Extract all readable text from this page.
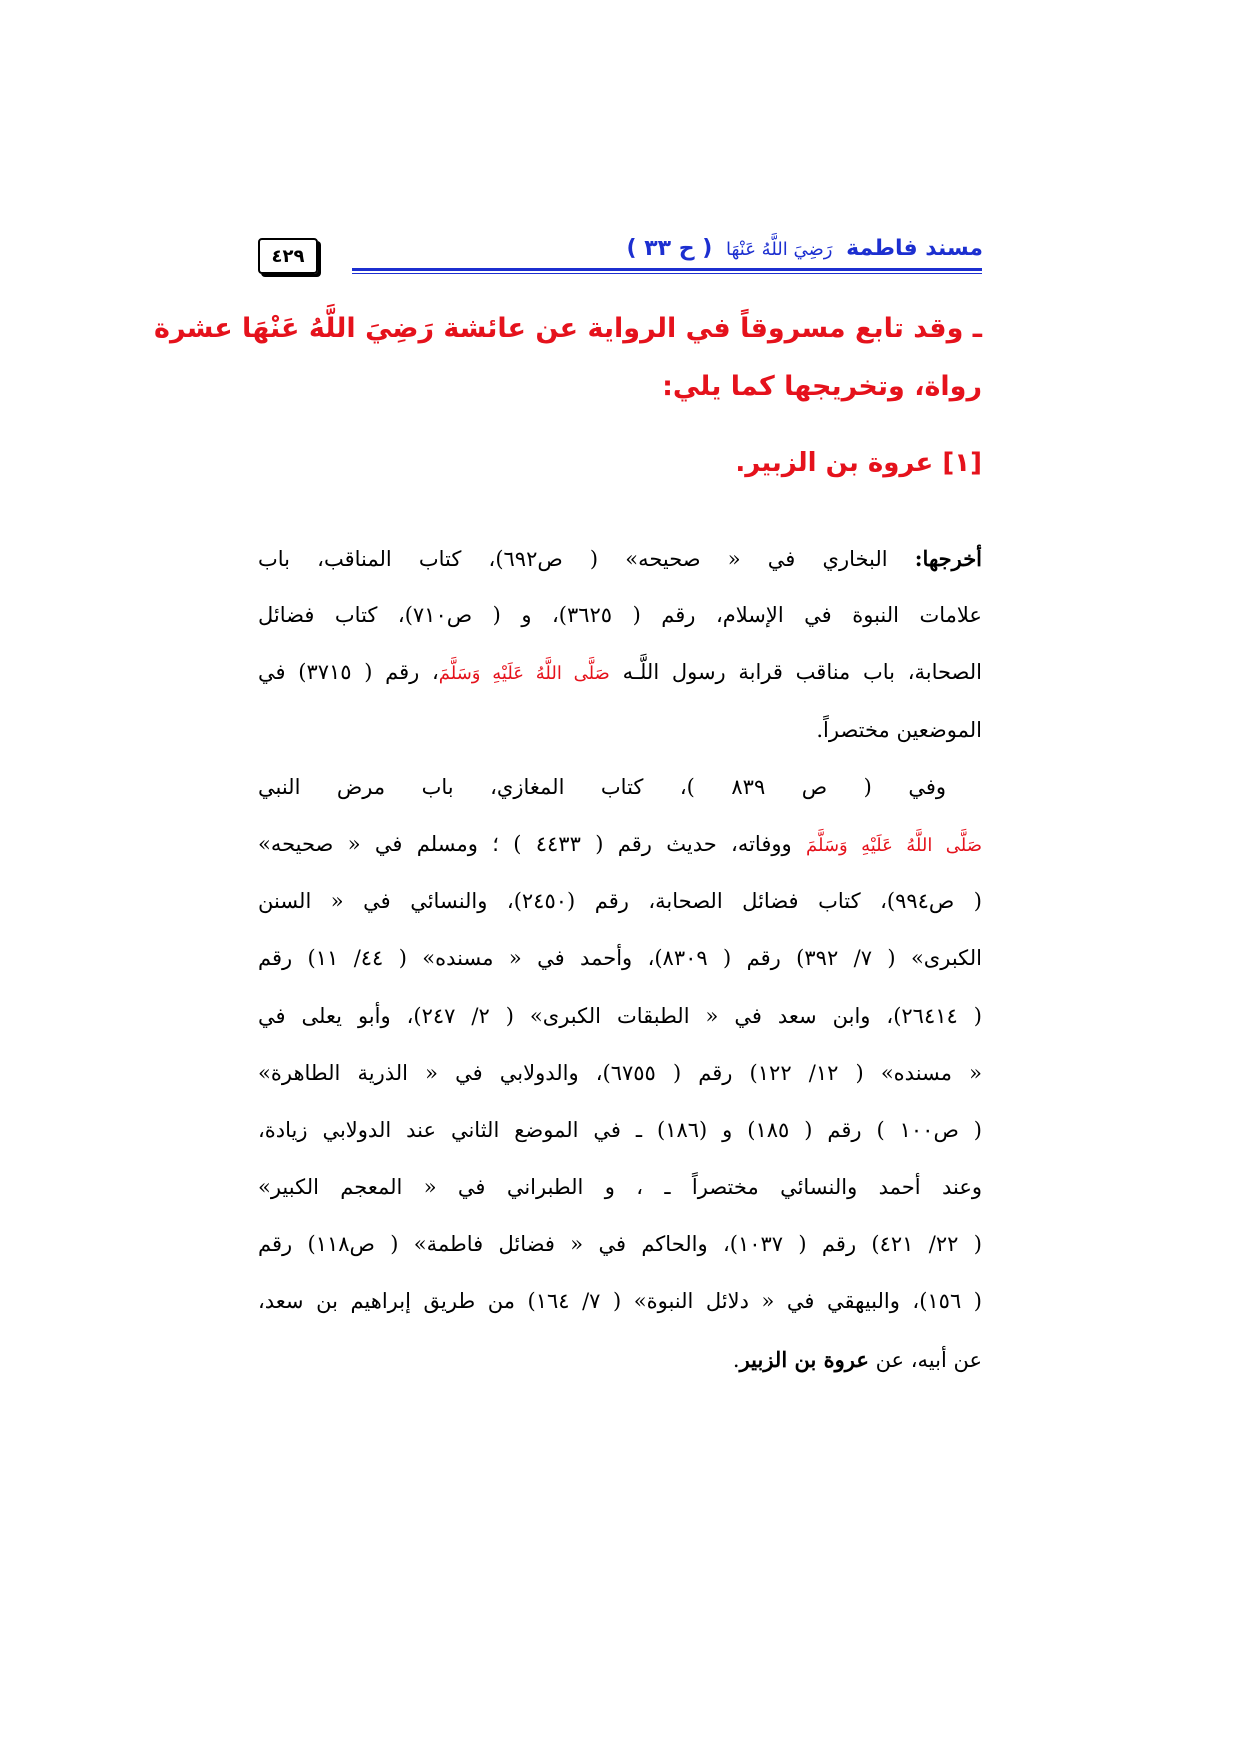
مسند فاطمة رَضِيَ اللَّهُ عَنْهَا ( ح ٣٣ )
٤٢٩
ـ وقد تابع مسروقاً في الرواية عن عائشة رَضِيَ اللَّهُ عَنْهَا عشرة
رواة، وتخريجها كما يلي:
[١] عروة بن الزبير.
أخرجها: البخاري في « صحيحه» ( ص٦٩٢)، كتاب المناقب، باب
علامات النبوة في الإسلام، رقم ( ٣٦٢٥)، و ( ص٧١٠)، كتاب فضائل
الصحابة، باب مناقب قرابة رسول اللَّـه صَلَّى اللَّهُ عَلَيْهِ وَسَلَّمَ، رقم ( ٣٧١٥) في
الموضعين مختصراً.
وفي ( ص ٨٣٩ )، كتاب المغازي، باب مرض النبي
صَلَّى اللَّهُ عَلَيْهِ وَسَلَّمَ ووفاته، حديث رقم ( ٤٤٣٣ ) ؛ ومسلم في « صحيحه»
( ص٩٩٤)، كتاب فضائل الصحابة، رقم (٢٤٥٠)، والنسائي في « السنن
الكبرى» ( ٧/ ٣٩٢) رقم ( ٨٣٠٩)، وأحمد في « مسنده» ( ٤٤/ ١١) رقم
( ٢٦٤١٤)، وابن سعد في « الطبقات الكبرى» ( ٢/ ٢٤٧)، وأبو يعلى في
« مسنده» ( ١٢/ ١٢٢) رقم ( ٦٧٥٥)، والدولابي في « الذرية الطاهرة»
( ص١٠٠ ) رقم ( ١٨٥) و (١٨٦) ـ في الموضع الثاني عند الدولابي زيادة،
وعند أحمد والنسائي مختصراً ـ ، و الطبراني في « المعجم الكبير»
( ٢٢/ ٤٢١) رقم ( ١٠٣٧)، والحاكم في « فضائل فاطمة» ( ص١١٨) رقم
( ١٥٦)، والبيهقي في « دلائل النبوة» ( ٧/ ١٦٤) من طريق إبراهيم بن سعد،
عن أبيه، عن عروة بن الزبير.
